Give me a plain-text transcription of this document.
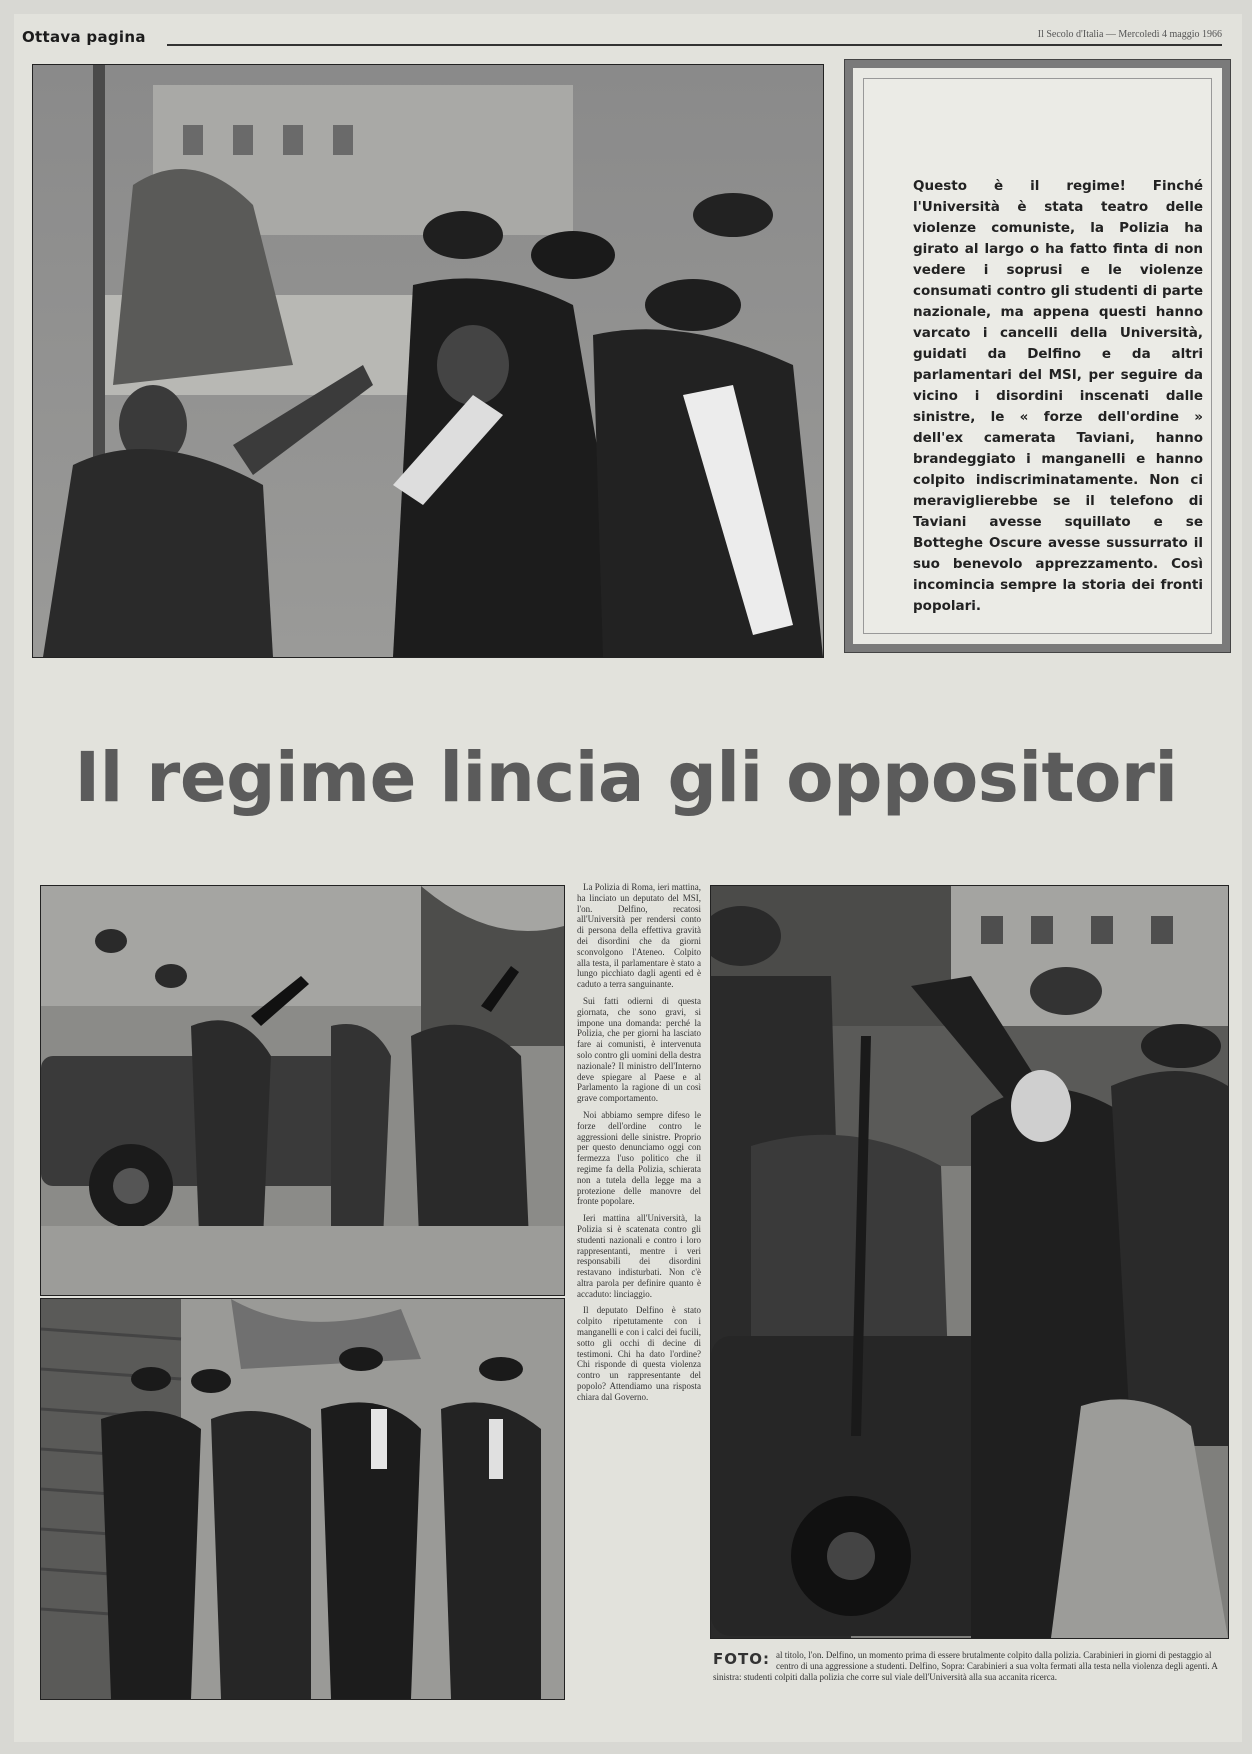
Ottava pagina	Il Secolo d'Italia — Mercoledì 4 maggio 1966
Questo è il regime! Finché l'Università è stata teatro delle violenze comuniste, la Polizia ha girato al largo o ha fatto finta di non vedere i soprusi e le violenze consumati contro gli studenti di parte nazionale, ma appena questi hanno varcato i cancelli della Università, guidati da Delfino e da altri parlamentari del MSI, per seguire da vicino i disordini inscenati dalle sinistre, le « forze dell'ordine » dell'ex camerata Taviani, hanno brandeggiato i manganelli e hanno colpito indiscriminatamente. Non ci meraviglierebbe se il telefono di Taviani avesse squillato e se Botteghe Oscure avesse sussurrato il suo benevolo apprezzamento. Così incomincia sempre la storia dei fronti popolari.
Il regime lincia gli oppositori

La Polizia di Roma, ieri mattina, ha linciato un deputato del MSI, l'on. Delfino, recatosi all'Università per rendersi conto di persona della effettiva gravità dei disordini che da giorni sconvolgono l'Ateneo. Colpito alla testa, il parlamentare è stato a lungo picchiato dagli agenti ed è caduto a terra sanguinante.

Sui fatti odierni di questa giornata, che sono gravi, si impone una domanda: perché la Polizia, che per giorni ha lasciato fare ai comunisti, è intervenuta solo contro gli uomini della destra nazionale? Il ministro dell'Interno deve spiegare al Paese e al Parlamento la ragione di un così grave comportamento.

Noi abbiamo sempre difeso le forze dell'ordine contro le aggressioni delle sinistre. Proprio per questo denunciamo oggi con fermezza l'uso politico che il regime fa della Polizia, schierata non a tutela della legge ma a protezione delle manovre del fronte popolare.

Ieri mattina all'Università, la Polizia si è scatenata contro gli studenti nazionali e contro i loro rappresentanti, mentre i veri responsabili dei disordini restavano indisturbati. Non c'è altra parola per definire quanto è accaduto: linciaggio.

Il deputato Delfino è stato colpito ripetutamente con i manganelli e con i calci dei fucili, sotto gli occhi di decine di testimoni. Chi ha dato l'ordine? Chi risponde di questa violenza contro un rappresentante del popolo? Attendiamo una risposta chiara dal Governo.

FOTO: al titolo, l'on. Delfino, un momento prima di essere brutalmente colpito dalla polizia. Carabinieri in giorni di pestaggio al centro di una aggressione a studenti. Delfino, Sopra: Carabinieri a sua volta fermati alla testa nella violenza degli agenti. A sinistra: studenti colpiti dalla polizia che corre sul viale dell'Università alla sua accanita ricerca.
